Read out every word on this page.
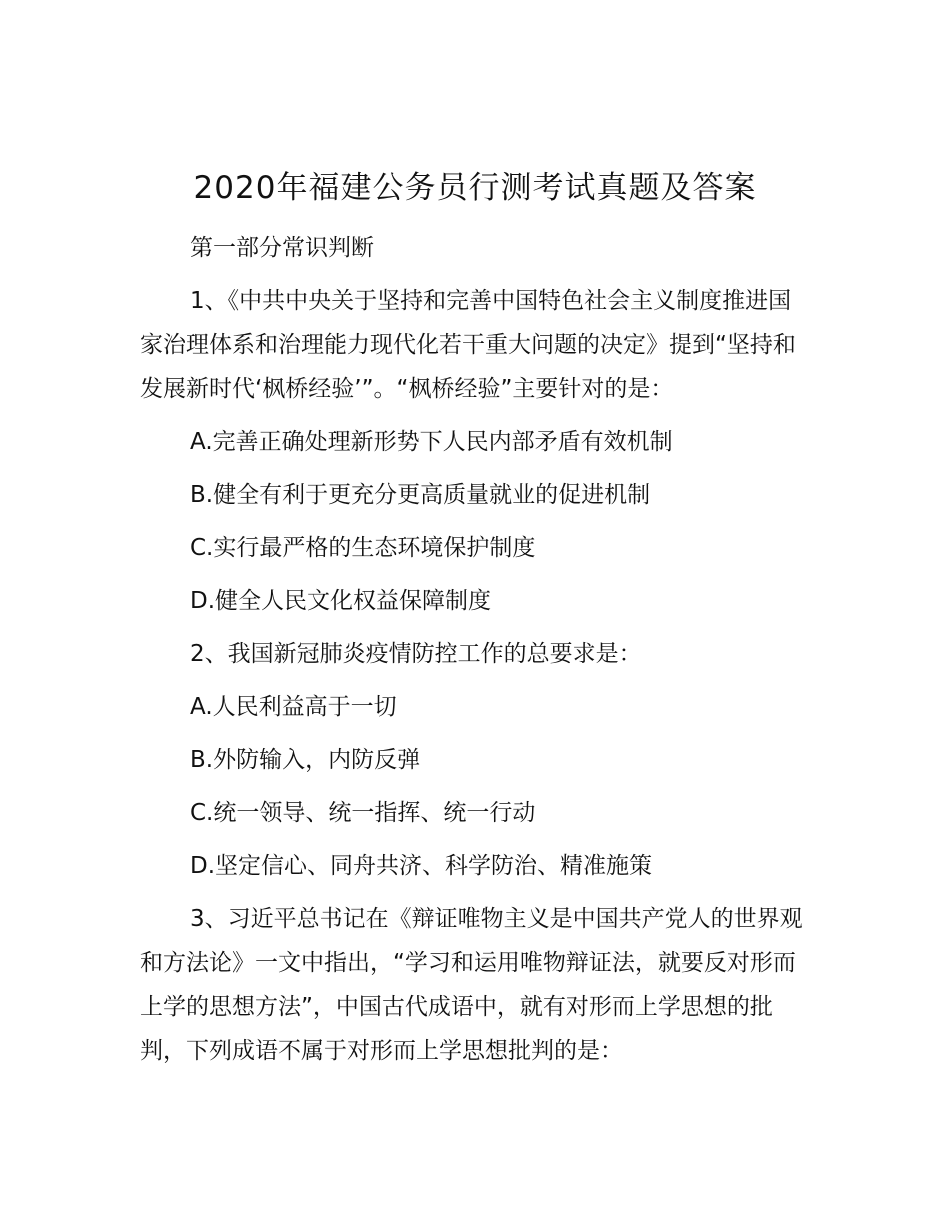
2020年福建公务员行测考试真题及答案

第一部分常识判断

1、《中共中央关于坚持和完善中国特色社会主义制度推进国家治理体系和治理能力现代化若干重大问题的决定》提到“坚持和发展新时代‘枫桥经验’”。“枫桥经验”主要针对的是：

A.完善正确处理新形势下人民内部矛盾有效机制

B.健全有利于更充分更高质量就业的促进机制

C.实行最严格的生态环境保护制度

D.健全人民文化权益保障制度

2、我国新冠肺炎疫情防控工作的总要求是：

A.人民利益高于一切

B.外防输入，内防反弹

C.统一领导、统一指挥、统一行动

D.坚定信心、同舟共济、科学防治、精准施策

3、习近平总书记在《辩证唯物主义是中国共产党人的世界观和方法论》一文中指出，“学习和运用唯物辩证法，就要反对形而上学的思想方法”，中国古代成语中，就有对形而上学思想的批判，下列成语不属于对形而上学思想批判的是：
